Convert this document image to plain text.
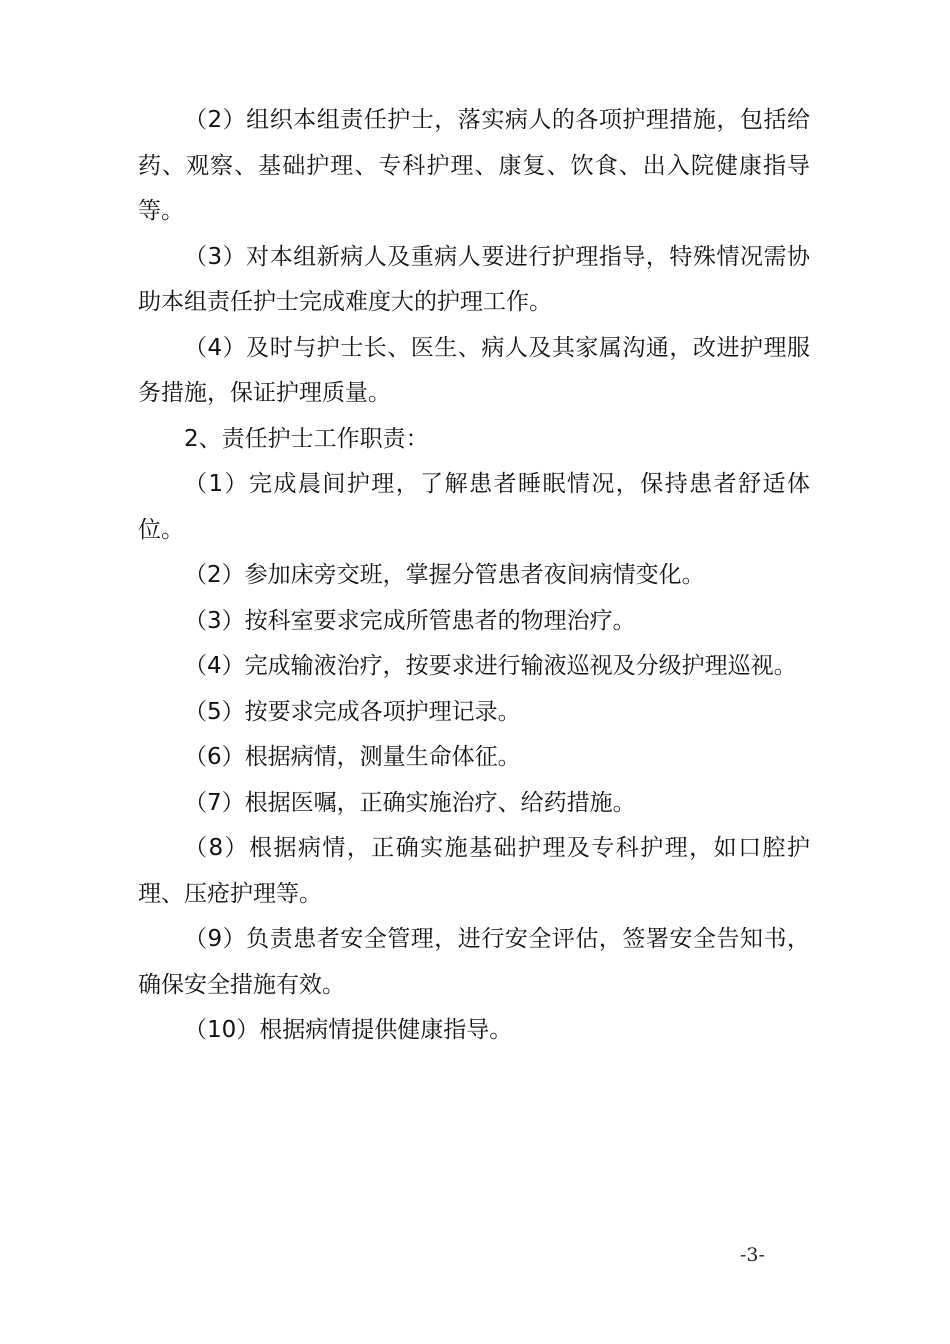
（2）组织本组责任护士，落实病人的各项护理措施，包括给药、观察、基础护理、专科护理、康复、饮食、出入院健康指导等。

（3）对本组新病人及重病人要进行护理指导，特殊情况需协助本组责任护士完成难度大的护理工作。

（4）及时与护士长、医生、病人及其家属沟通，改进护理服务措施，保证护理质量。

2、责任护士工作职责：

（1）完成晨间护理，了解患者睡眠情况，保持患者舒适体位。

（2）参加床旁交班，掌握分管患者夜间病情变化。

（3）按科室要求完成所管患者的物理治疗。

（4）完成输液治疗，按要求进行输液巡视及分级护理巡视。

（5）按要求完成各项护理记录。

（6）根据病情，测量生命体征。

（7）根据医嘱，正确实施治疗、给药措施。

（8）根据病情，正确实施基础护理及专科护理，如口腔护理、压疮护理等。

（9）负责患者安全管理，进行安全评估，签署安全告知书，确保安全措施有效。

（10）根据病情提供健康指导。

-3-
